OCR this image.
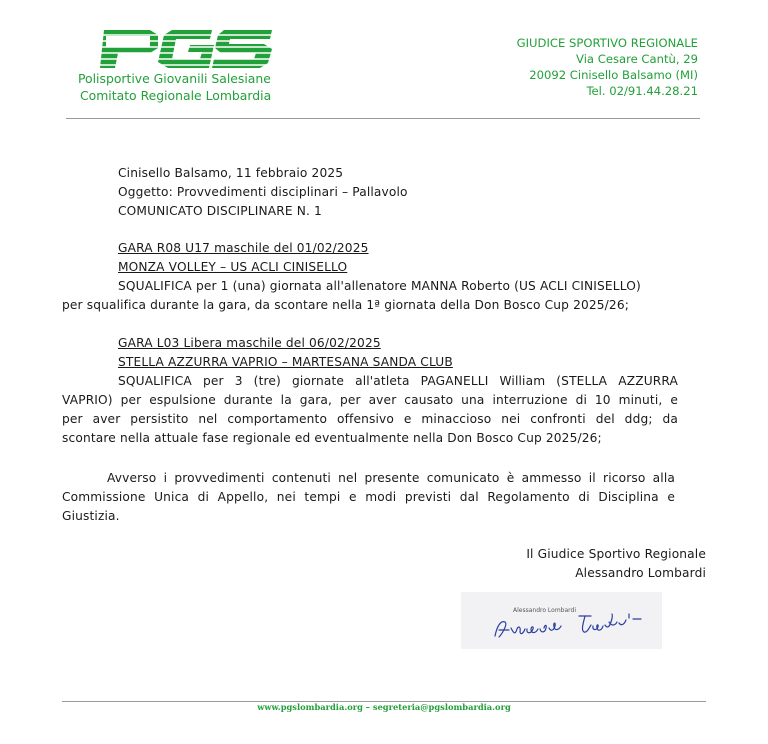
Polisportive Giovanili Salesiane
Comitato Regionale Lombardia
GIUDICE SPORTIVO REGIONALE
Via Cesare Cantù, 29
20092 Cinisello Balsamo (MI)
Tel. 02/91.44.28.21
Cinisello Balsamo, 11 febbraio 2025
Oggetto: Provvedimenti disciplinari – Pallavolo
COMUNICATO DISCIPLINARE N. 1
GARA R08 U17 maschile del 01/02/2025
MONZA VOLLEY – US ACLI CINISELLO
SQUALIFICA per 1 (una) giornata all'allenatore MANNA Roberto (US ACLI CINISELLO)
per squalifica durante la gara, da scontare nella 1ª giornata della Don Bosco Cup 2025/26;
GARA L03 Libera maschile del 06/02/2025
STELLA AZZURRA VAPRIO – MARTESANA SANDA CLUB
SQUALIFICA per 3 (tre) giornate all'atleta PAGANELLI William (STELLA AZZURRA
VAPRIO) per espulsione durante la gara, per aver causato una interruzione di 10 minuti, e
per aver persistito nel comportamento offensivo e minaccioso nei confronti del ddg; da
scontare nella attuale fase regionale ed eventualmente nella Don Bosco Cup 2025/26;
Avverso i provvedimenti contenuti nel presente comunicato è ammesso il ricorso alla
Commissione Unica di Appello, nei tempi e modi previsti dal Regolamento di Disciplina e
Giustizia.
Il Giudice Sportivo Regionale
Alessandro Lombardi
Alessandro Lombardi
www.pgslombardia.org – segreteria@pgslombardia.org
